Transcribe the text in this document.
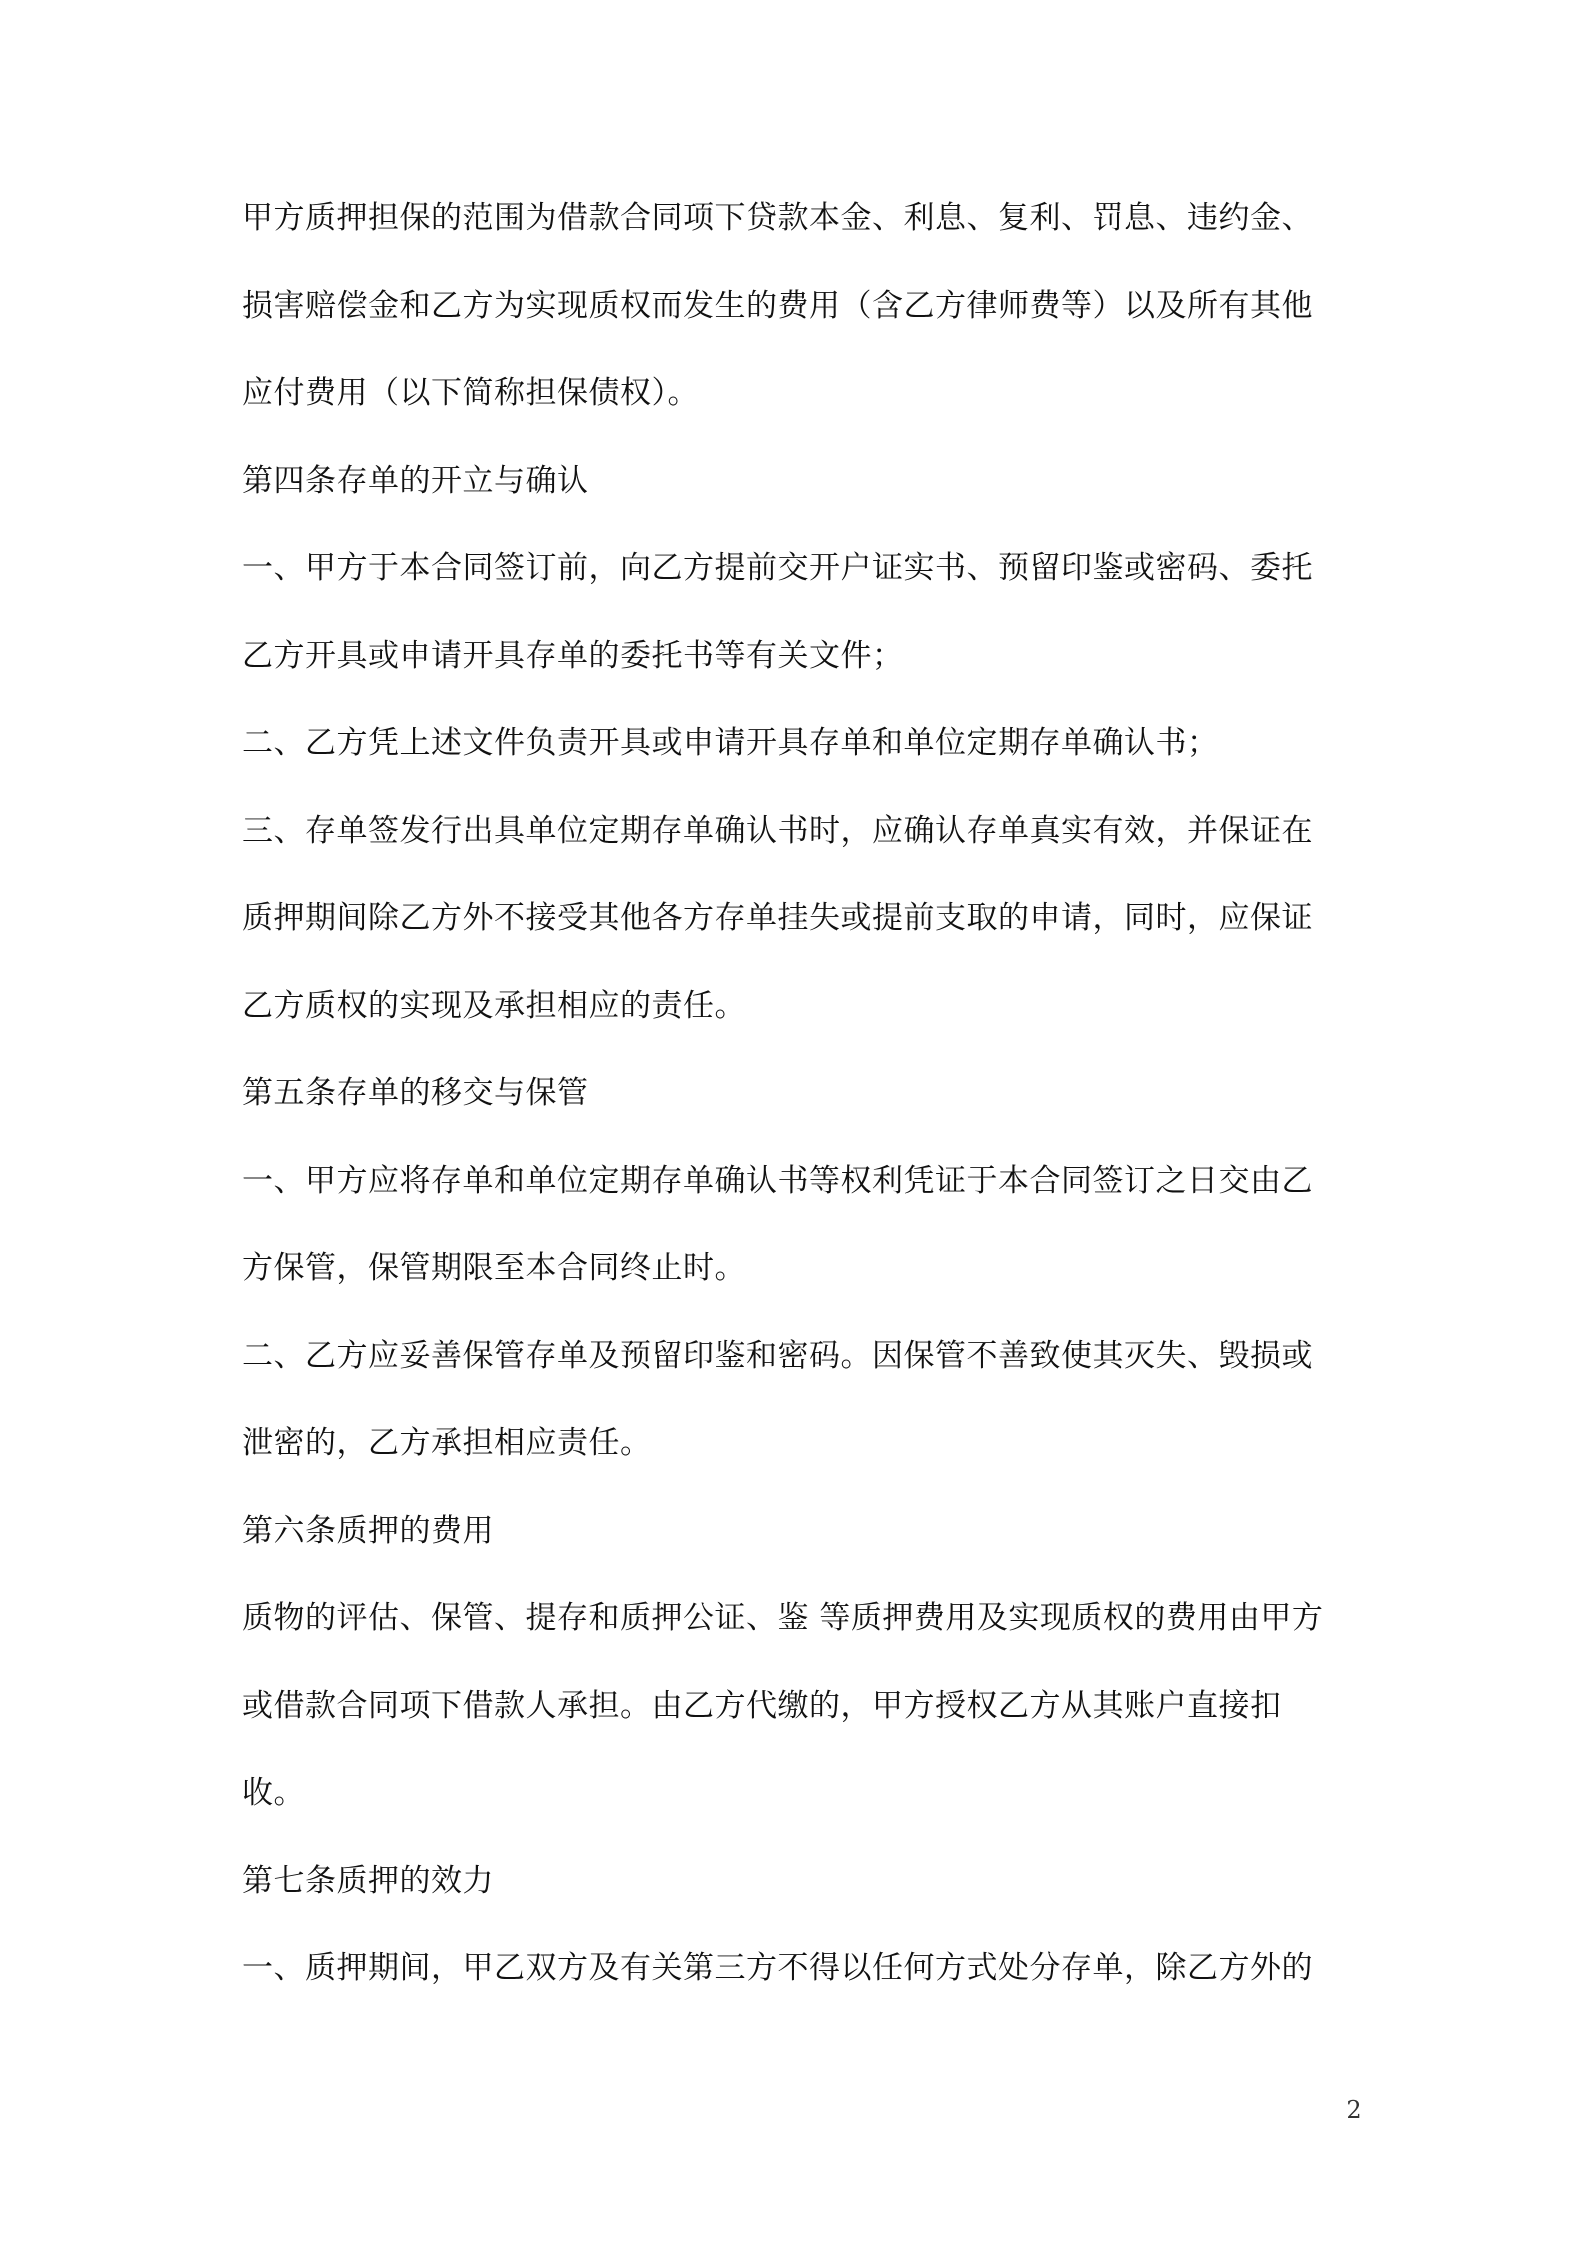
甲方质押担保的范围为借款合同项下贷款本金、利息、复利、罚息、违约金、
损害赔偿金和乙方为实现质权而发生的费用（含乙方律师费等）以及所有其他
应付费用（以下简称担保债权）。
第四条存单的开立与确认
一、甲方于本合同签订前，向乙方提前交开户证实书、预留印鉴或密码、委托
乙方开具或申请开具存单的委托书等有关文件；
二、乙方凭上述文件负责开具或申请开具存单和单位定期存单确认书；
三、存单签发行出具单位定期存单确认书时，应确认存单真实有效，并保证在
质押期间除乙方外不接受其他各方存单挂失或提前支取的申请，同时，应保证
乙方质权的实现及承担相应的责任。
第五条存单的移交与保管
一、甲方应将存单和单位定期存单确认书等权利凭证于本合同签订之日交由乙
方保管，保管期限至本合同终止时。
二、乙方应妥善保管存单及预留印鉴和密码。因保管不善致使其灭失、毁损或
泄密的，乙方承担相应责任。
第六条质押的费用
质物的评估、保管、提存和质押公证、鉴 等质押费用及实现质权的费用由甲方
或借款合同项下借款人承担。由乙方代缴的，甲方授权乙方从其账户直接扣
收。
第七条质押的效力
一、质押期间，甲乙双方及有关第三方不得以任何方式处分存单，除乙方外的
2
